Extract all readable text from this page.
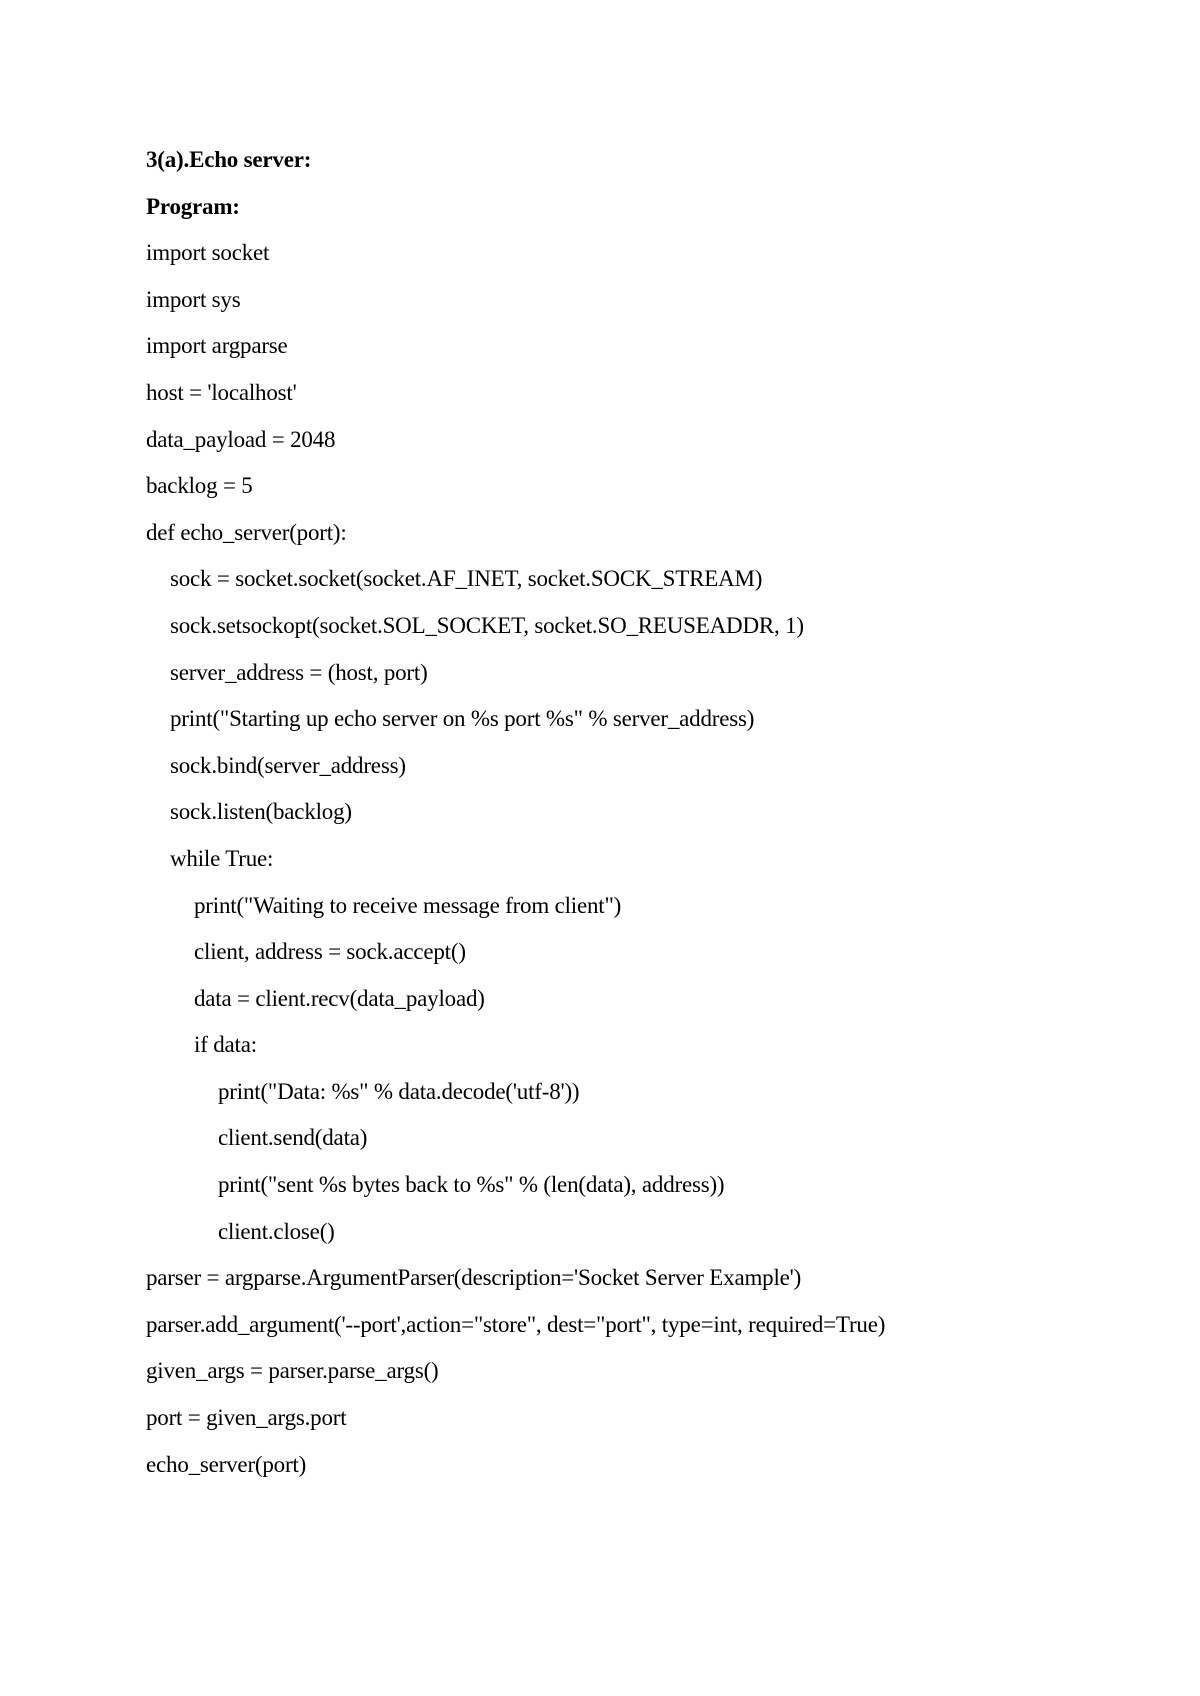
3(a).Echo server:
Program:
import socket
import sys
import argparse
host = 'localhost'
data_payload = 2048
backlog = 5
def echo_server(port):
sock = socket.socket(socket.AF_INET, socket.SOCK_STREAM)
sock.setsockopt(socket.SOL_SOCKET, socket.SO_REUSEADDR, 1)
server_address = (host, port)
print("Starting up echo server on %s port %s" % server_address)
sock.bind(server_address)
sock.listen(backlog)
while True:
print("Waiting to receive message from client")
client, address = sock.accept()
data = client.recv(data_payload)
if data:
print("Data: %s" % data.decode('utf-8'))
client.send(data)
print("sent %s bytes back to %s" % (len(data), address))
client.close()
parser = argparse.ArgumentParser(description='Socket Server Example')
parser.add_argument('--port',action="store", dest="port", type=int, required=True)
given_args = parser.parse_args()
port = given_args.port
echo_server(port)
